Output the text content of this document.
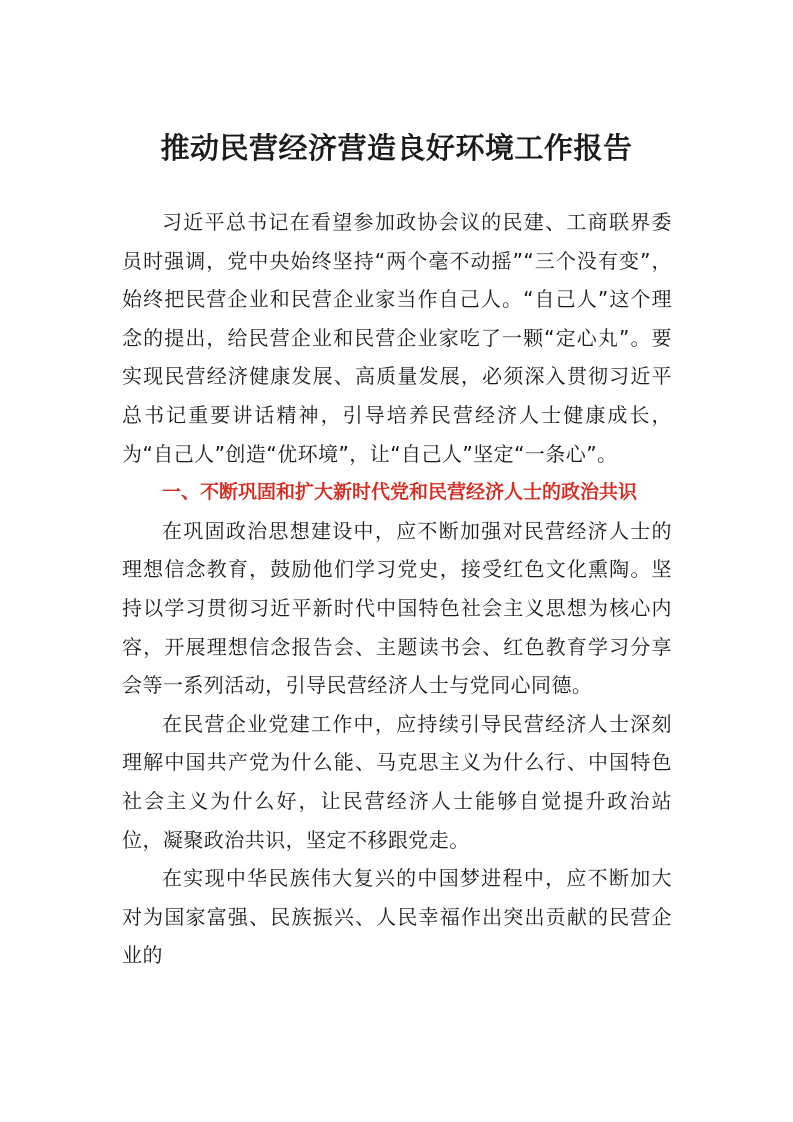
推动民营经济营造良好环境工作报告

习近平总书记在看望参加政协会议的民建、工商联界委员时强调，党中央始终坚持“两个毫不动摇”“三个没有变”，始终把民营企业和民营企业家当作自己人。“自己人”这个理念的提出，给民营企业和民营企业家吃了一颗“定心丸”。要实现民营经济健康发展、高质量发展，必须深入贯彻习近平总书记重要讲话精神，引导培养民营经济人士健康成长，为“自己人”创造“优环境”，让“自己人”坚定“一条心”。

一、不断巩固和扩大新时代党和民营经济人士的政治共识

在巩固政治思想建设中，应不断加强对民营经济人士的理想信念教育，鼓励他们学习党史，接受红色文化熏陶。坚持以学习贯彻习近平新时代中国特色社会主义思想为核心内容，开展理想信念报告会、主题读书会、红色教育学习分享会等一系列活动，引导民营经济人士与党同心同德。

在民营企业党建工作中，应持续引导民营经济人士深刻理解中国共产党为什么能、马克思主义为什么行、中国特色社会主义为什么好，让民营经济人士能够自觉提升政治站位，凝聚政治共识，坚定不移跟党走。

在实现中华民族伟大复兴的中国梦进程中，应不断加大对为国家富强、民族振兴、人民幸福作出突出贡献的民营企业的
